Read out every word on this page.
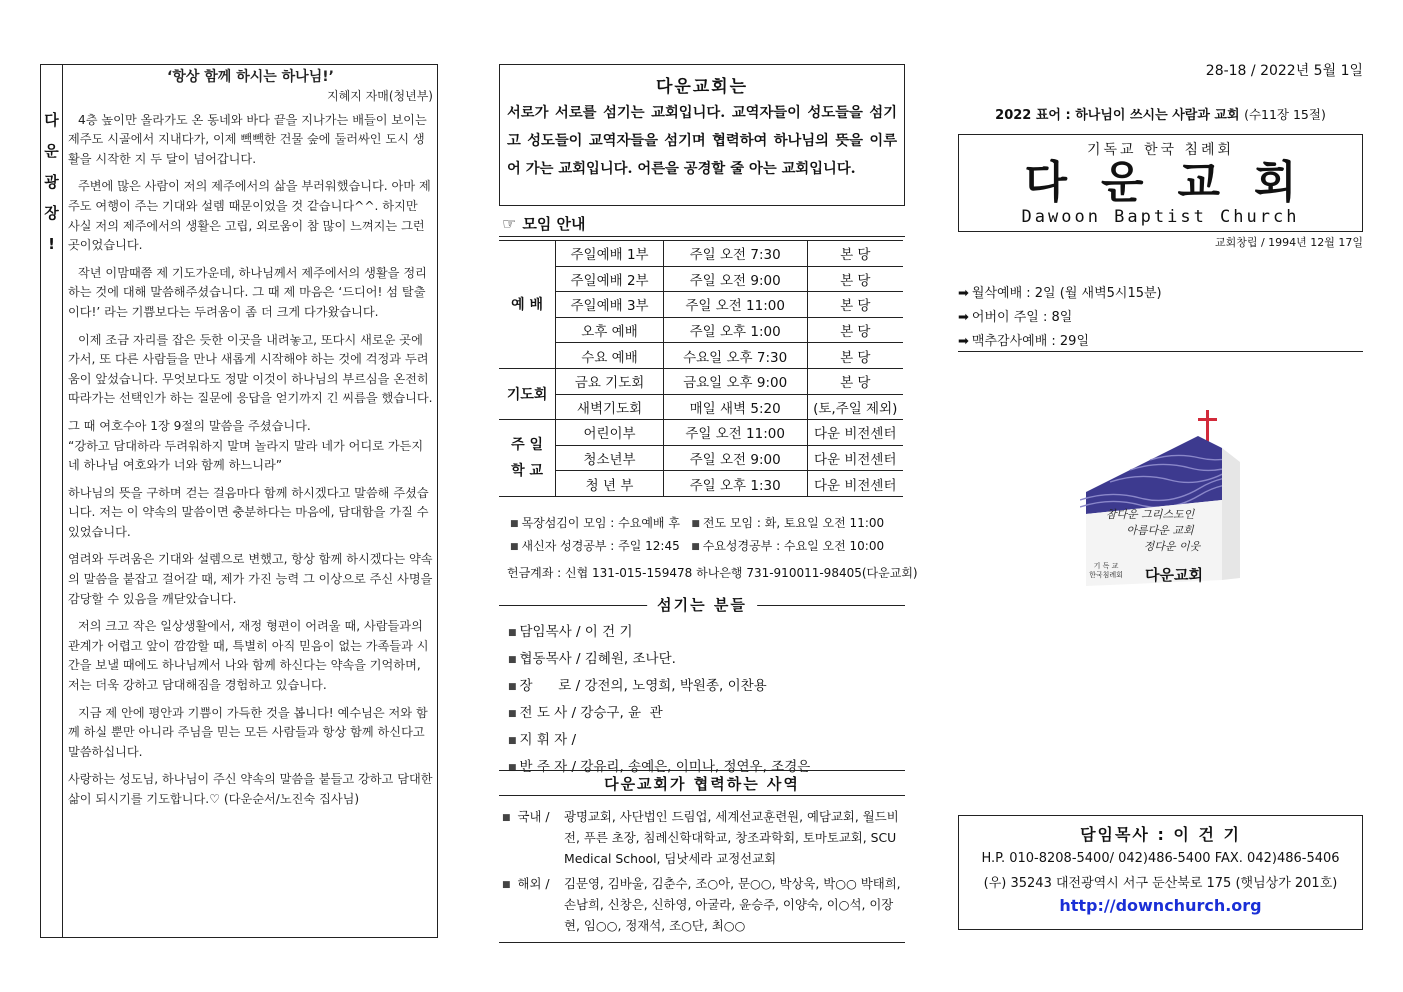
다
운
광
장
!
‘항상 함께 하시는 하나님!’
지혜지 자매(청년부)

4층 높이만 올라가도 온 동네와 바다 끝을 지나가는 배들이 보이는 제주도 시골에서 지내다가, 이제 빽빽한 건물 숲에 둘러싸인 도시 생활을 시작한 지 두 달이 넘어갑니다.

주변에 많은 사람이 저의 제주에서의 삶을 부러워했습니다. 아마 제주도 여행이 주는 기대와 설렘 때문이었을 것 같습니다^^. 하지만 사실 저의 제주에서의 생활은 고립, 외로움이 참 많이 느껴지는 그런 곳이었습니다.

작년 이맘때쯤 제 기도가운데, 하나님께서 제주에서의 생활을 정리하는 것에 대해 말씀해주셨습니다. 그 때 제 마음은 ‘드디어! 섬 탈출이다!’ 라는 기쁨보다는 두려움이 좀 더 크게 다가왔습니다.

이제 조금 자리를 잡은 듯한 이곳을 내려놓고, 또다시 새로운 곳에 가서, 또 다른 사람들을 만나 새롭게 시작해야 하는 것에 걱정과 두려움이 앞섰습니다. 무엇보다도 정말 이것이 하나님의 부르심을 온전히 따라가는 선택인가 하는 질문에 응답을 얻기까지 긴 씨름을 했습니다.

그 때 여호수아 1장 9절의 말씀을 주셨습니다.
“강하고 담대하라 두려워하지 말며 놀라지 말라 네가 어디로 가든지 네 하나님 여호와가 너와 함께 하느니라”

하나님의 뜻을 구하며 걷는 걸음마다 함께 하시겠다고 말씀해 주셨습니다. 저는 이 약속의 말씀이면 충분하다는 마음에, 담대함을 가질 수 있었습니다.

염려와 두려움은 기대와 설렘으로 변했고, 항상 함께 하시겠다는 약속의 말씀을 붙잡고 걸어갈 때, 제가 가진 능력 그 이상으로 주신 사명을 감당할 수 있음을 깨닫았습니다.

저의 크고 작은 일상생활에서, 재정 형편이 어려울 때, 사람들과의 관계가 어렵고 앞이 깜깜할 때, 특별히 아직 믿음이 없는 가족들과 시간을 보낼 때에도 하나님께서 나와 함께 하신다는 약속을 기억하며, 저는 더욱 강하고 담대해짐을 경험하고 있습니다.

지금 제 안에 평안과 기쁨이 가득한 것을 봅니다! 예수님은 저와 함께 하실 뿐만 아니라 주님을 믿는 모든 사람들과 항상 함께 하신다고 말씀하십니다.

사랑하는 성도님, 하나님이 주신 약속의 말씀을 붙들고 강하고 담대한 삶이 되시기를 기도합니다.♡ (다운순서/노진숙 집사님)

다운교회는
서로가 서로를 섬기는 교회입니다. 교역자들이 성도들을 섬기고 성도들이 교역자들을 섬기며 협력하여 하나님의 뜻을 이루어 가는 교회입니다. 어른을 공경할 줄 아는 교회입니다.
☞ 모임 안내
예 배	주일예배 1부	주일 오전 7:30	본 당
	주일예배 2부	주일 오전 9:00	본 당
	주일예배 3부	주일 오전 11:00	본 당
	오후 예배	주일 오후 1:00	본 당
	수요 예배	수요일 오후 7:30	본 당
기도회	금요 기도회	금요일 오후 9:00	본 당
	새벽기도회	매일 새벽 5:20	(토,주일 제외)
주 일
학 교	어린이부	주일 오전 11:00	다운 비전센터
	청소년부	주일 오전 9:00	다운 비전센터
	청 년 부	주일 오후 1:30	다운 비전센터
■ 목장섬김이 모임 : 수요예배 후 ■ 전도 모임 : 화, 토요일 오전 11:00
■ 새신자 성경공부 : 주일 12:45 ■ 수요성경공부 : 수요일 오전 10:00
헌금계좌 : 신협 131-015-159478 하나은행 731-910011-98405(다운교회)
섬기는 분들
■ 담임목사 / 이 건 기
■ 협동목사 / 김혜원, 조나단.
■ 장      로 / 강전의, 노영희, 박원종, 이찬용
■ 전 도 사 / 강승구, 윤  관
■ 지 휘 자 /
■ 반 주 자 / 강유리, 송예은, 이미나, 정연우, 조경은
다운교회가 협력하는 사역
■ 국내 /	광명교회, 사단법인 드림업, 세계선교훈련원, 예담교회, 월드비전, 푸른 초장, 침례신학대학교, 창조과학회, 토마토교회, SCU Medical School, 딤낫세라 교정선교회
■ 해외 /	김문영, 김바울, 김춘수, 조○아, 문○○, 박상욱, 박○○ 박태희, 손남희, 신창은, 신하영, 아굴라, 윤승주, 이양숙, 이○석, 이장현, 임○○, 정재석, 조○단, 최○○
28-18 / 2022년 5월 1일
2022 표어 : 하나님이 쓰시는 사람과 교회 (수11장 15절)
기독교 한국 침례회
다운교회
Dawoon Baptist Church
교회창립 / 1994년 12월 17일
➡ 월삭예배 : 2일 (월 새벽5시15분)
➡ 어버이 주일 : 8일
➡ 맥추감사예배 : 29일
참다운 그리스도인
아름다운 교회
정다운 이웃
기 독 교 한국침례회 다운교회
담임목사 : 이 건 기
H.P. 010-8208-5400/ 042)486-5400 FAX. 042)486-5406
(우) 35243 대전광역시 서구 둔산북로 175 (햇님상가 201호)
http://downchurch.org
